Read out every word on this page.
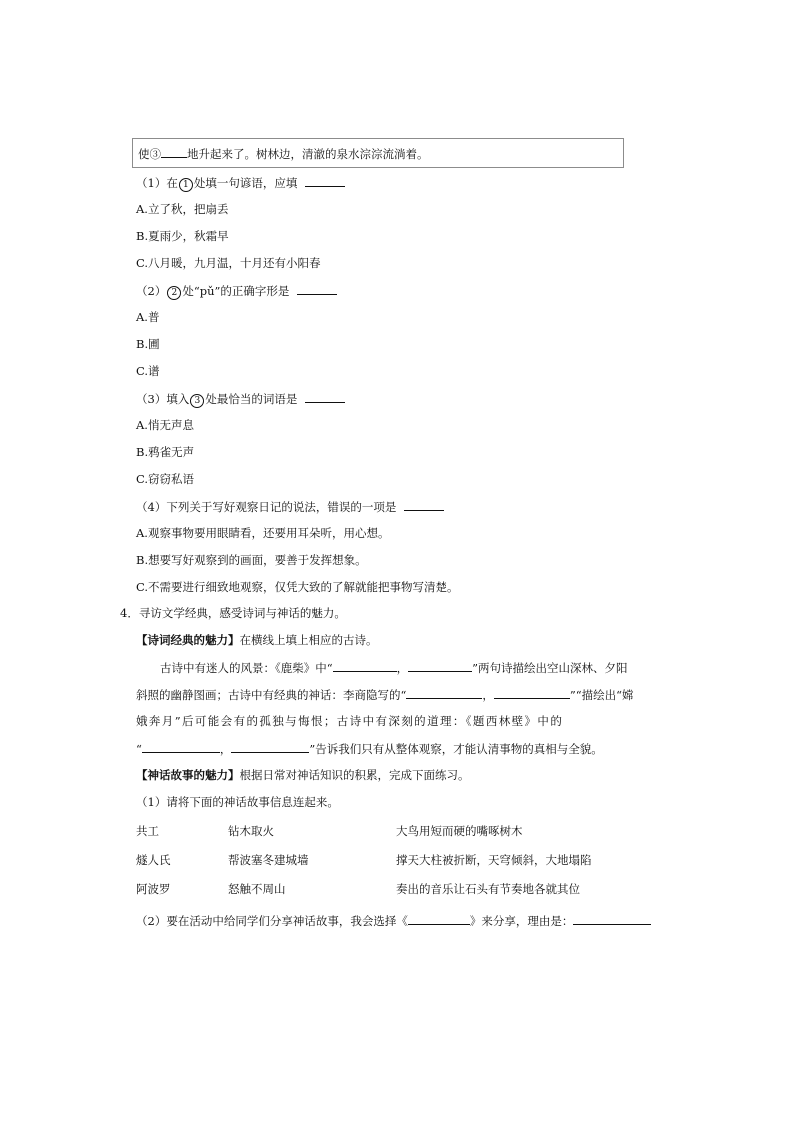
使③ 地升起来了。树林边，清澈的泉水淙淙流淌着。
（1）在 1 处填一句谚语，应填
A.立了秋，把扇丢
B.夏雨少，秋霜早
C.八月暖，九月温，十月还有小阳春
（2） 2 处“pǔ”的正确字形是
A.普
B.圃
C.谱
（3）填入 3 处最恰当的词语是
A.悄无声息
B.鸦雀无声
C.窃窃私语
（4）下列关于写好观察日记的说法，错误的一项是
A.观察事物要用眼睛看，还要用耳朵听，用心想。
B.想要写好观察到的画面，要善于发挥想象。
C.不需要进行细致地观察，仅凭大致的了解就能把事物写清楚。
4．寻访文学经典，感受诗词与神话的魅力。
【诗词经典的魅力】在横线上填上相应的古诗。
古诗中有迷人的风景：《鹿柴》中“	，	”两句诗描绘出空山深林、夕阳
斜照的幽静图画；古诗中有经典的神话：李商隐写的“	，	”“描绘出“嫦
娥奔月”后可能会有的孤独与悔恨；古诗中有深刻的道理：《题西林壁》中的
“	，	”告诉我们只有从整体观察，才能认清事物的真相与全貌。
【神话故事的魅力】根据日常对神话知识的积累，完成下面练习。
（1）请将下面的神话故事信息连起来。
共工	钻木取火	大鸟用短而硬的嘴啄树木
燧人氏	帮波塞冬建城墙	撑天大柱被折断，天穹倾斜，大地塌陷
阿波罗	怒触不周山	奏出的音乐让石头有节奏地各就其位
（2）要在活动中给同学们分享神话故事，我会选择《	》来分享，理由是：
